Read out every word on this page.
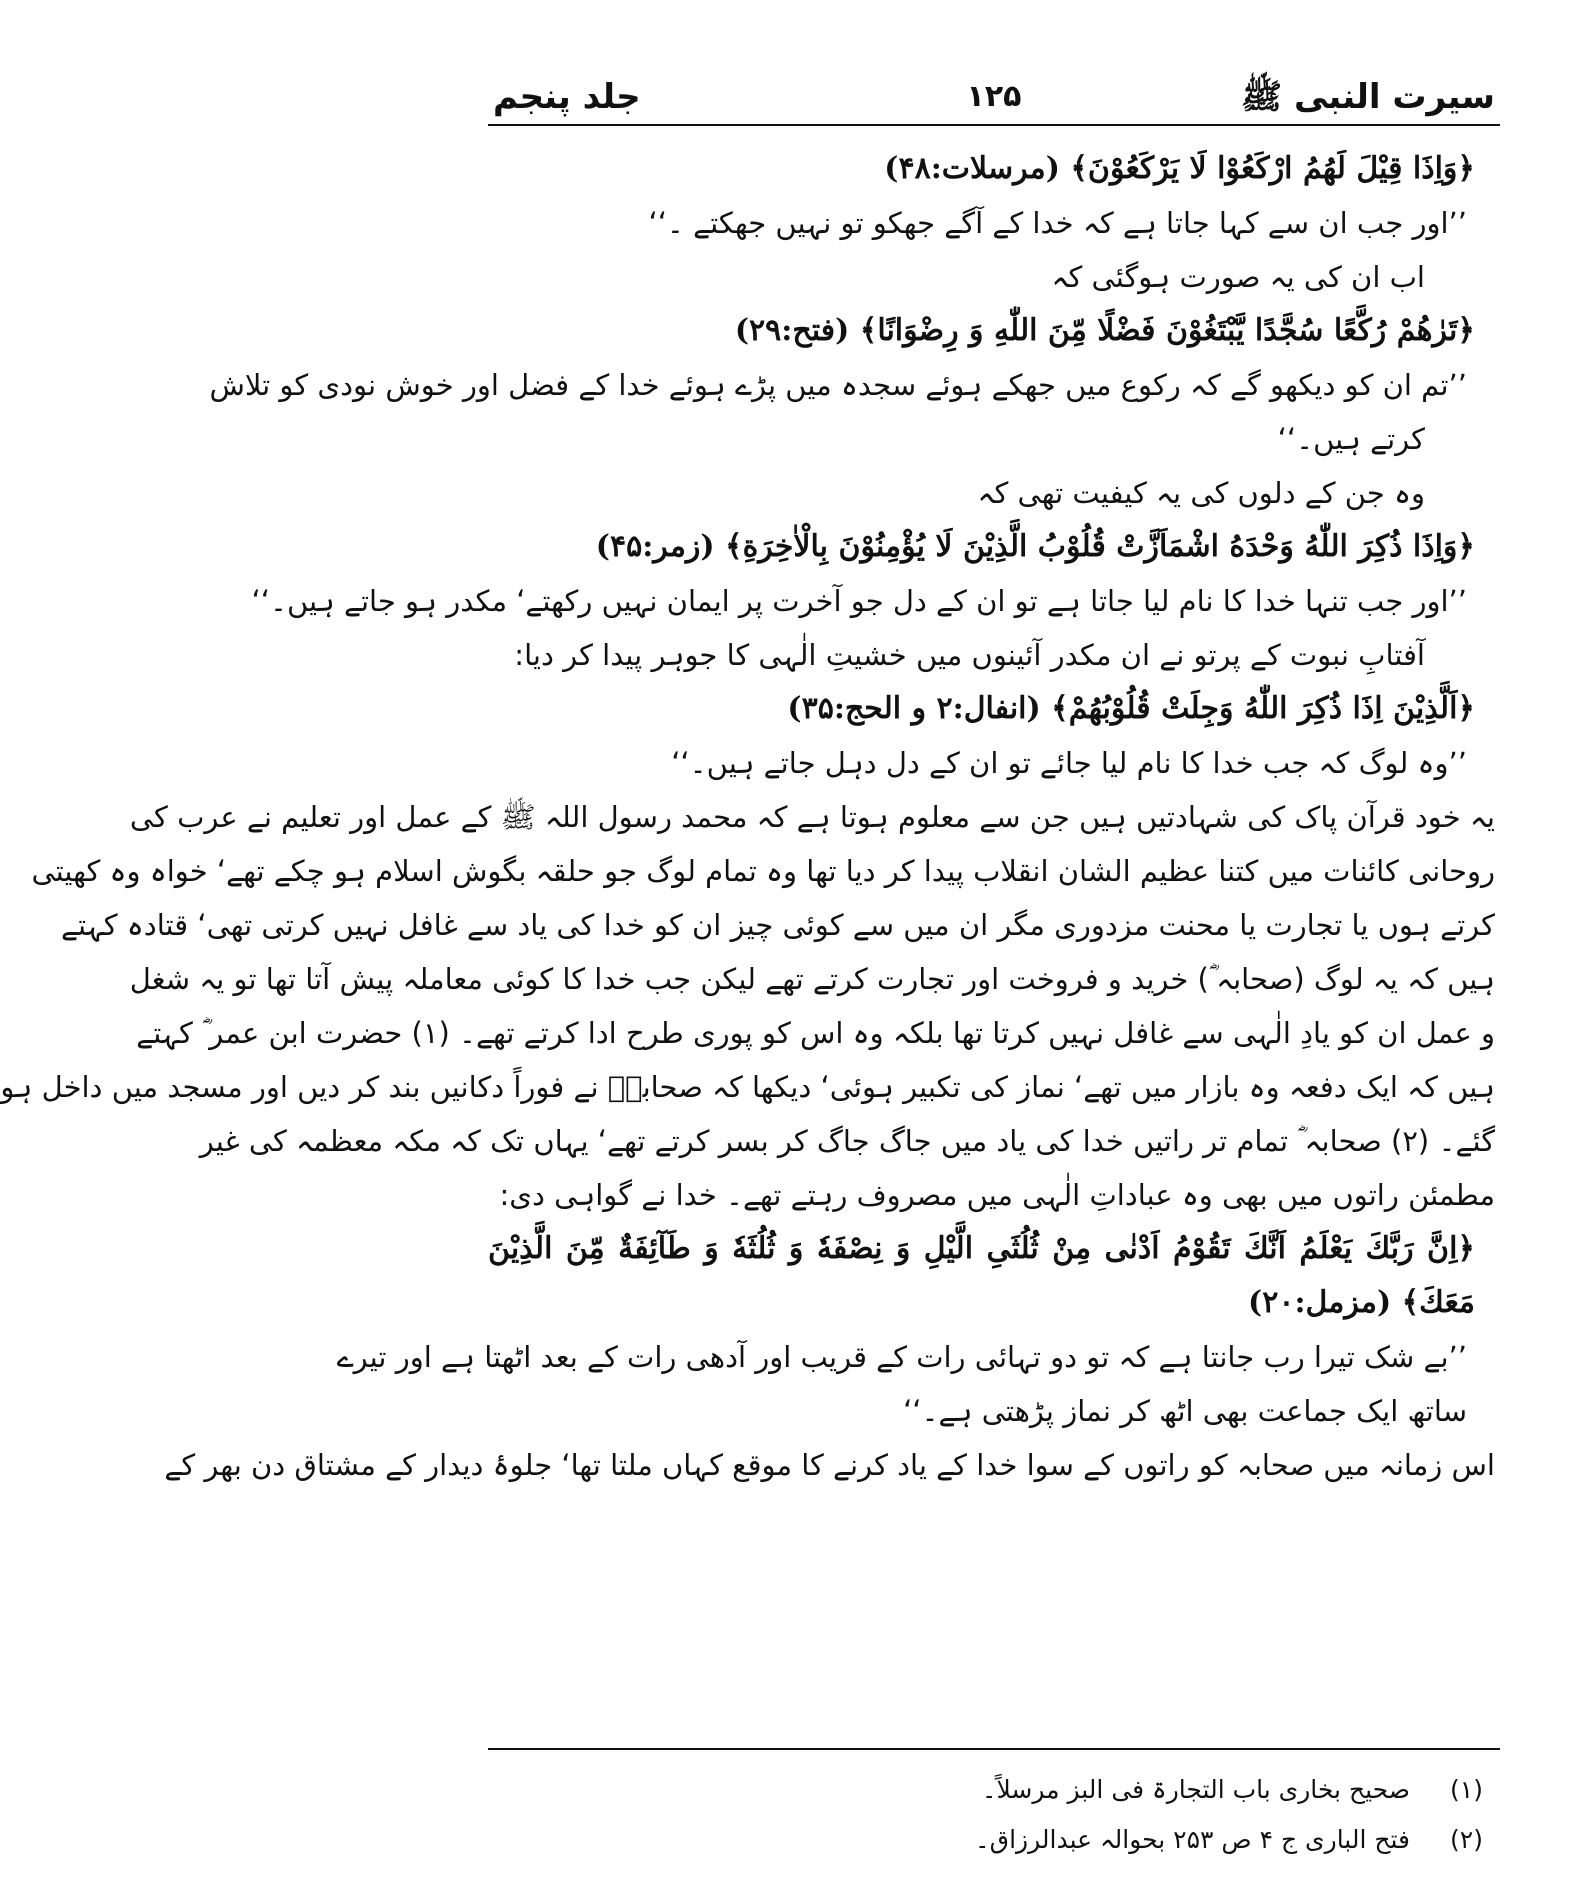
سیرت النبی ﷺ
۱۲۵
جلد پنجم
﴿وَاِذَا قِیْلَ لَهُمُ ارْكَعُوْا لَا یَرْكَعُوْنَ﴾ (مرسلات:۴۸)
’’اور جب ان سے کہا جاتا ہے کہ خدا کے آگے جھکو تو نہیں جھکتے ۔‘‘
اب ان کی یہ صورت ہوگئی کہ
﴿تَرٰهُمْ رُكَّعًا سُجَّدًا یَّبْتَغُوْنَ فَضْلًا مِّنَ اللّٰهِ وَ رِضْوَانًا﴾ (فتح:۲۹)
’’تم ان کو دیکھو گے کہ رکوع میں جھکے ہوئے سجدہ میں پڑے ہوئے خدا کے فضل اور خوش نودی کو تلاش
کرتے ہیں۔‘‘
وہ جن کے دلوں کی یہ کیفیت تھی کہ
﴿وَاِذَا ذُكِرَ اللّٰهُ وَحْدَهُ اشْمَاَزَّتْ قُلُوْبُ الَّذِیْنَ لَا یُؤْمِنُوْنَ بِالْاٰخِرَةِ﴾ (زمر:۴۵)
’’اور جب تنہا خدا کا نام لیا جاتا ہے تو ان کے دل جو آخرت پر ایمان نہیں رکھتے‘ مکدر ہو جاتے ہیں۔‘‘
آفتابِ نبوت کے پرتو نے ان مکدر آئینوں میں خشیتِ الٰہی کا جوہر پیدا کر دیا:
﴿اَلَّذِیْنَ اِذَا ذُكِرَ اللّٰهُ وَجِلَتْ قُلُوْبُهُمْ﴾ (انفال:۲ و الحج:۳۵)
’’وہ لوگ کہ جب خدا کا نام لیا جائے تو ان کے دل دہل جاتے ہیں۔‘‘
یہ خود قرآن پاک کی شہادتیں ہیں جن سے معلوم ہوتا ہے کہ محمد رسول اللہ ﷺ کے عمل اور تعلیم نے عرب کی
روحانی کائنات میں کتنا عظیم الشان انقلاب پیدا کر دیا تھا وہ تمام لوگ جو حلقہ بگوش اسلام ہو چکے تھے‘ خواہ وہ کھیتی
کرتے ہوں یا تجارت یا محنت مزدوری مگر ان میں سے کوئی چیز ان کو خدا کی یاد سے غافل نہیں کرتی تھی‘ قتادہ کہتے
ہیں کہ یہ لوگ (صحابہ ؓ) خرید و فروخت اور تجارت کرتے تھے لیکن جب خدا کا کوئی معاملہ پیش آتا تھا تو یہ شغل
و عمل ان کو یادِ الٰہی سے غافل نہیں کرتا تھا بلکہ وہ اس کو پوری طرح ادا کرتے تھے۔ (۱) حضرت ابن عمر ؓ کہتے
ہیں کہ ایک دفعہ وہ بازار میں تھے‘ نماز کی تکبیر ہوئی‘ دیکھا کہ صحابہؓ نے فوراً دکانیں بند کر دیں اور مسجد میں داخل ہو
گئے۔ (۲) صحابہ ؓ تمام تر راتیں خدا کی یاد میں جاگ جاگ کر بسر کرتے تھے‘ یہاں تک کہ مکہ معظمہ کی غیر
مطمئن راتوں میں بھی وہ عباداتِ الٰہی میں مصروف رہتے تھے۔ خدا نے گواہی دی:
﴿اِنَّ رَبَّكَ یَعْلَمُ اَنَّكَ تَقُوْمُ اَدْنٰى مِنْ ثُلُثَیِ الَّیْلِ وَ نِصْفَهٗ وَ ثُلُثَهٗ وَ طَآئِفَةٌ مِّنَ الَّذِیْنَ
مَعَكَ﴾ (مزمل:۲۰)
’’بے شک تیرا رب جانتا ہے کہ تو دو تہائی رات کے قریب اور آدھی رات کے بعد اٹھتا ہے اور تیرے
ساتھ ایک جماعت بھی اٹھ کر نماز پڑھتی ہے۔‘‘
اس زمانہ میں صحابہ کو راتوں کے سوا خدا کے یاد کرنے کا موقع کہاں ملتا تھا‘ جلوۂ دیدار کے مشتاق دن بھر کے
(۱)
صحیح بخاری باب التجارۃ فی البز مرسلاً۔
(۲)
فتح الباری ج ۴ ص ۲۵۳ بحوالہ عبدالرزاق۔
